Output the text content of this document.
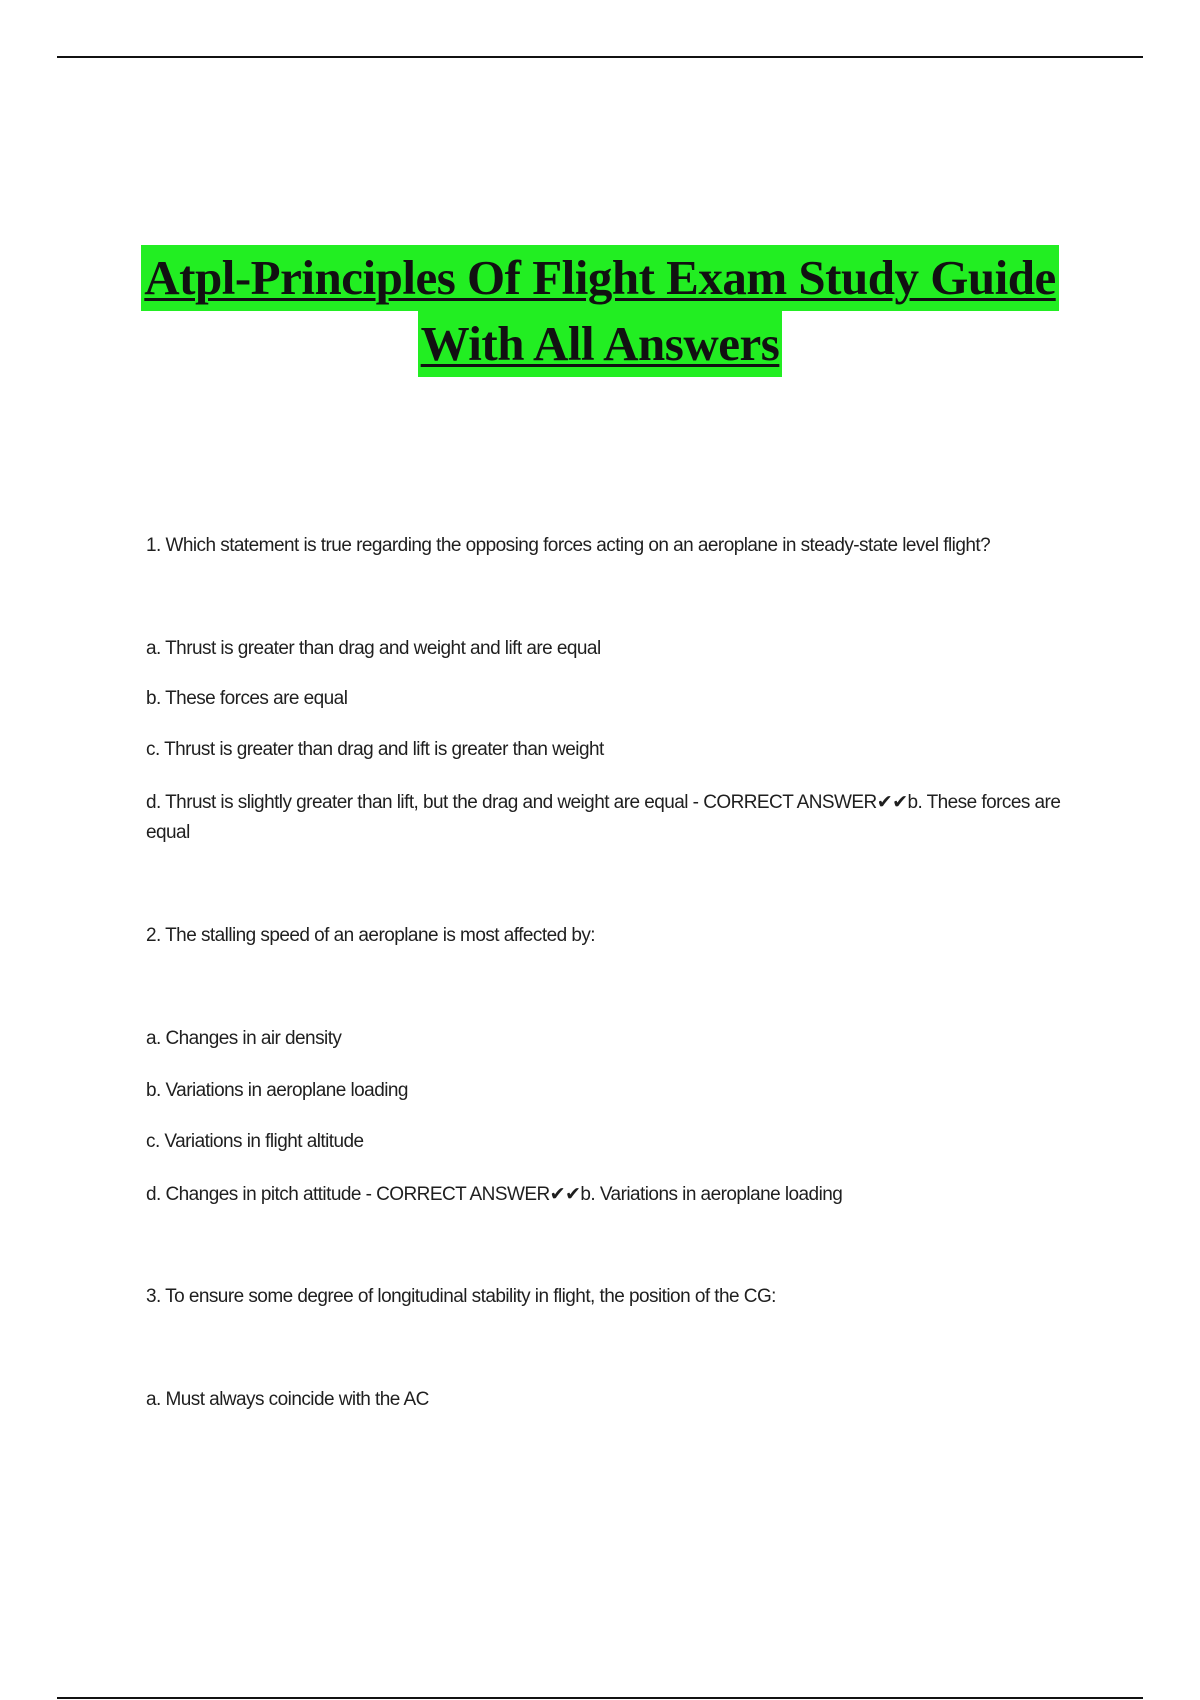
Atpl-Principles Of Flight Exam Study Guide
With All Answers
1. Which statement is true regarding the opposing forces acting on an aeroplane in steady-state level flight?
a. Thrust is greater than drag and weight and lift are equal
b. These forces are equal
c. Thrust is greater than drag and lift is greater than weight
d. Thrust is slightly greater than lift, but the drag and weight are equal - CORRECT ANSWER✔✔b. These forces are equal
2. The stalling speed of an aeroplane is most affected by:
a. Changes in air density
b. Variations in aeroplane loading
c. Variations in flight altitude
d. Changes in pitch attitude - CORRECT ANSWER✔✔b. Variations in aeroplane loading
3. To ensure some degree of longitudinal stability in flight, the position of the CG:
a. Must always coincide with the AC
